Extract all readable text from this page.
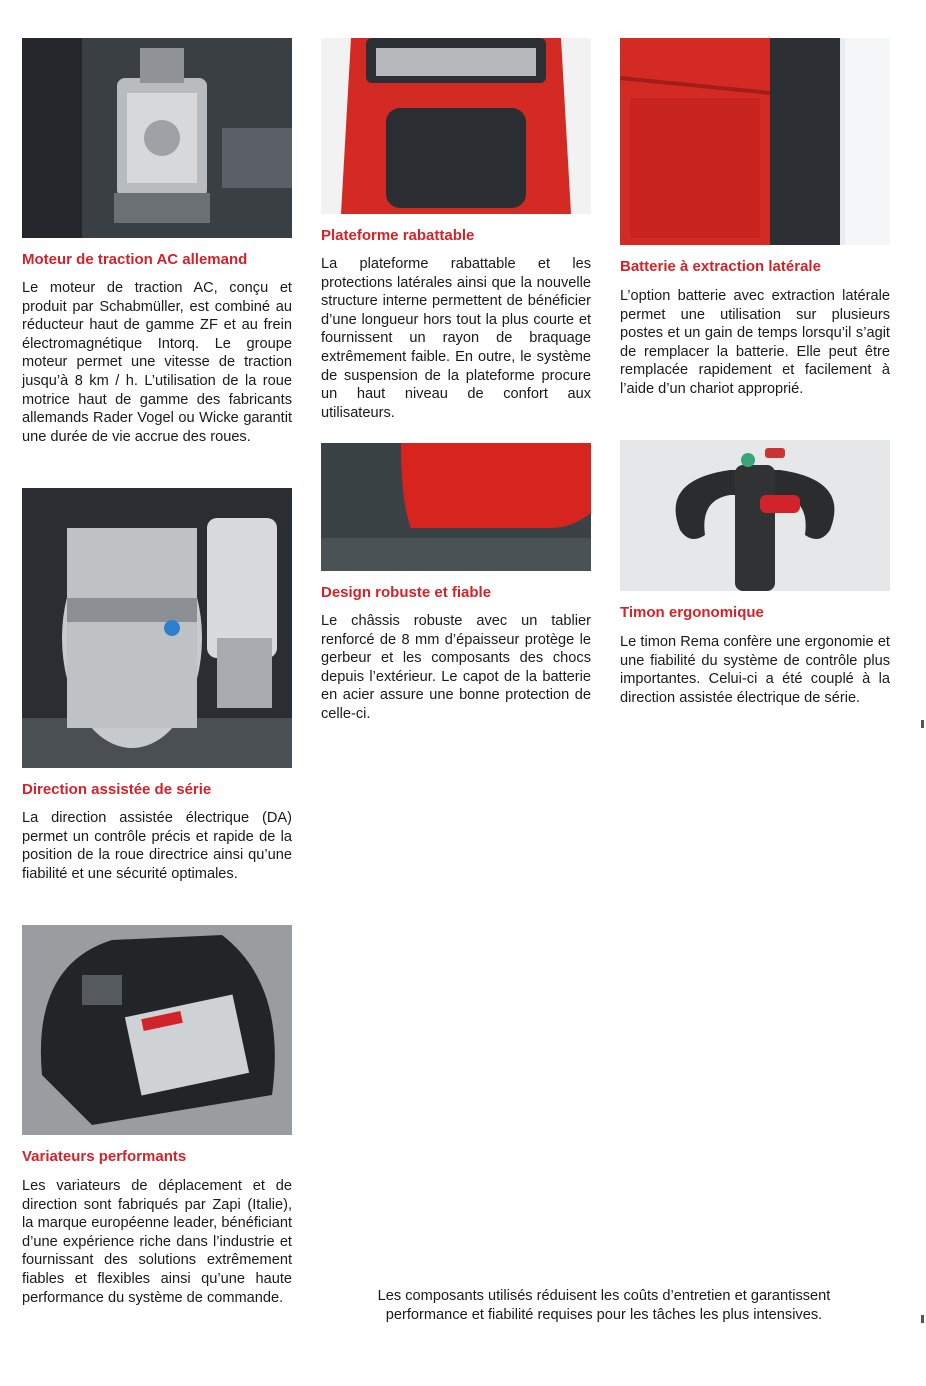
Moteur de traction AC allemand

Le moteur de traction AC, conçu et produit par Schabmüller, est combiné au réducteur haut de gamme ZF et au frein électromagnétique Intorq. Le groupe moteur permet une vitesse de traction jusqu’à 8 km / h. L’utilisation de la roue motrice haut de gamme des fabricants allemands Rader Vogel ou Wicke garantit une durée de vie accrue des roues.

Direction assistée de série

La direction assistée électrique (DA) permet un contrôle précis et rapide de la position de la roue directrice ainsi qu’une fiabilité et une sécurité optimales.

Variateurs performants

Les variateurs de déplacement et de direction sont fabriqués par Zapi (Italie), la marque européenne leader, bénéficiant d’une expérience riche dans l’industrie et fournissant des solutions extrêmement fiables et flexibles ainsi qu’une haute performance du système de commande.

Plateforme rabattable

La plateforme rabattable et les protections latérales ainsi que la nouvelle structure interne permettent de bénéficier d’une longueur hors tout la plus courte et fournissent un rayon de braquage extrêmement faible. En outre, le système de suspension de la plateforme procure un haut niveau de confort aux utilisateurs.

Design robuste et fiable

Le châssis robuste avec un tablier renforcé de 8 mm d’épaisseur protège le gerbeur et les composants des chocs depuis l’extérieur. Le capot de la batterie en acier assure une bonne protection de celle-ci.

Batterie à extraction latérale

L’option batterie avec extraction latérale permet une utilisation sur plusieurs postes et un gain de temps lorsqu’il s’agit de remplacer la batterie. Elle peut être remplacée rapidement et facilement à l’aide d’un chariot approprié.

Timon ergonomique

Le timon Rema confère une ergonomie et une fiabilité du système de contrôle plus importantes. Celui-ci a été couplé à la direction assistée électrique de série.

Les composants utilisés réduisent les coûts d’entretien et garantissent performance et fiabilité requises pour les tâches les plus intensives.
